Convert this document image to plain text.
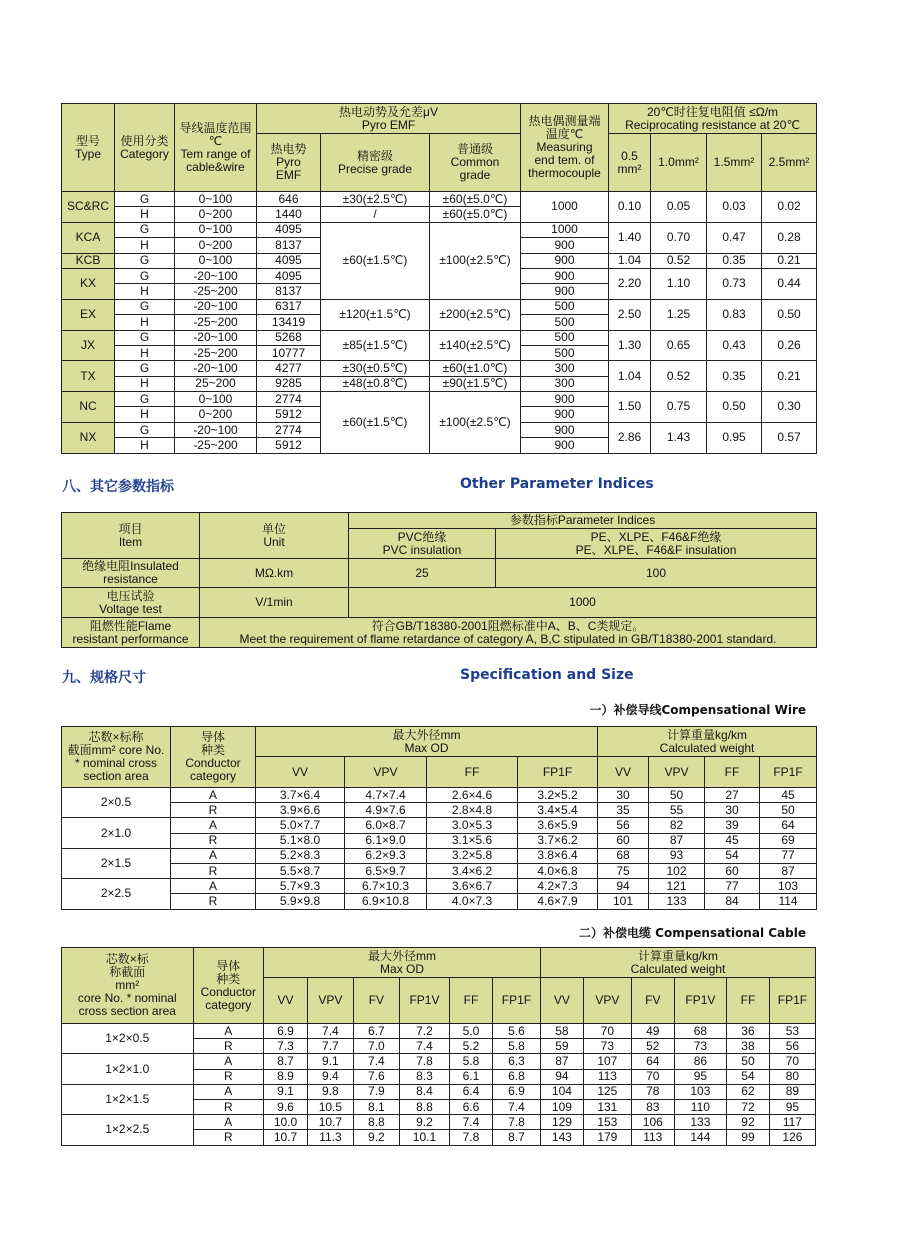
型号
Type	使用分类
Category	导线温度范围
℃
Tem range of
cable&wire	热电动势及允差μV
Pyro EMF			热电偶测量端
温度℃
Measuring
end tem. of
thermocouple	20℃时往复电阻值 ≤Ω/m
Reciprocating resistance at 20℃			
			热电势
Pyro
EMF	精密级
Precise grade	普通级
Common
grade		0.5 mm²	1.0mm²	1.5mm²	2.5mm²
SC&RC	G	0~100	646	±30(±2.5℃)	±60(±5.0℃)	1000	0.10	0.05	0.03	0.02
	H	0~200	1440	/	±60(±5.0℃)					
KCA	G	0~100	4095	±60(±1.5℃)	±100(±2.5℃)	1000	1.40	0.70	0.47	0.28
	H	0~200	8137			900				
KCB	G	0~100	4095			900	1.04	0.52	0.35	0.21
KX	G	-20~100	4095			900	2.20	1.10	0.73	0.44
	H	-25~200	8137			900				
EX	G	-20~100	6317	±120(±1.5℃)	±200(±2.5℃)	500	2.50	1.25	0.83	0.50
	H	-25~200	13419			500				
JX	G	-20~100	5268	±85(±1.5℃)	±140(±2.5℃)	500	1.30	0.65	0.43	0.26
	H	-25~200	10777			500				
TX	G	-20~100	4277	±30(±0.5℃)	±60(±1.0℃)	300	1.04	0.52	0.35	0.21
	H	25~200	9285	±48(±0.8℃)	±90(±1.5℃)	300				
NC	G	0~100	2774	±60(±1.5℃)	±100(±2.5℃)	900	1.50	0.75	0.50	0.30
	H	0~200	5912			900				
NX	G	-20~100	2774			900	2.86	1.43	0.95	0.57
	H	-25~200	5912			900				
八、其它参数指标	Other Parameter Indices
项目
Item	单位
Unit	参数指标Parameter Indices	
		PVC绝缘
PVC insulation	PE、XLPE、F46&F绝缘
PE、XLPE、F46&F insulation
绝缘电阻Insulated
resistance	MΩ.km	25	100
电压试验
Voltage test	V/1min	1000	
阻燃性能Flame
resistant performance	符合GB/T18380-2001阻燃标准中A、B、C类规定。
Meet the requirement of flame retardance of category A, B,C stipulated in GB/T18380-2001 standard.		
九、规格尺寸	Specification and Size

一）补偿导线Compensational Wire

芯数×标称
截面mm² core No.
* nominal cross
section area	导体
种类
Conductor
category	最大外径mm
Max OD				计算重量kg/km
Calculated weight			
		VV	VPV	FF	FP1F	VV	VPV	FF	FP1F
2×0.5	A	3.7×6.4	4.7×7.4	2.6×4.6	3.2×5.2	30	50	27	45
	R	3.9×6.6	4.9×7.6	2.8×4.8	3.4×5.4	35	55	30	50
2×1.0	A	5.0×7.7	6.0×8.7	3.0×5.3	3.6×5.9	56	82	39	64
	R	5.1×8.0	6.1×9.0	3.1×5.6	3.7×6.2	60	87	45	69
2×1.5	A	5.2×8.3	6.2×9.3	3.2×5.8	3.8×6.4	68	93	54	77
	R	5.5×8.7	6.5×9.7	3.4×6.2	4.0×6.8	75	102	60	87
2×2.5	A	5.7×9.3	6.7×10.3	3.6×6.7	4.2×7.3	94	121	77	103
	R	5.9×9.8	6.9×10.8	4.0×7.3	4.6×7.9	101	133	84	114

二）补偿电缆 Compensational Cable

芯数×标
称截面
mm²
core No. * nominal
cross section area	导体
种类
Conductor
category	最大外径mm
Max OD						计算重量kg/km
Calculated weight					
		VV	VPV	FV	FP1V	FF	FP1F	VV	VPV	FV	FP1V	FF	FP1F
1×2×0.5	A	6.9	7.4	6.7	7.2	5.0	5.6	58	70	49	68	36	53
	R	7.3	7.7	7.0	7.4	5.2	5.8	59	73	52	73	38	56
1×2×1.0	A	8.7	9.1	7.4	7.8	5.8	6.3	87	107	64	86	50	70
	R	8.9	9.4	7.6	8.3	6.1	6.8	94	113	70	95	54	80
1×2×1.5	A	9.1	9.8	7.9	8.4	6.4	6.9	104	125	78	103	62	89
	R	9.6	10.5	8.1	8.8	6.6	7.4	109	131	83	110	72	95
1×2×2.5	A	10.0	10.7	8.8	9.2	7.4	7.8	129	153	106	133	92	117
	R	10.7	11.3	9.2	10.1	7.8	8.7	143	179	113	144	99	126
